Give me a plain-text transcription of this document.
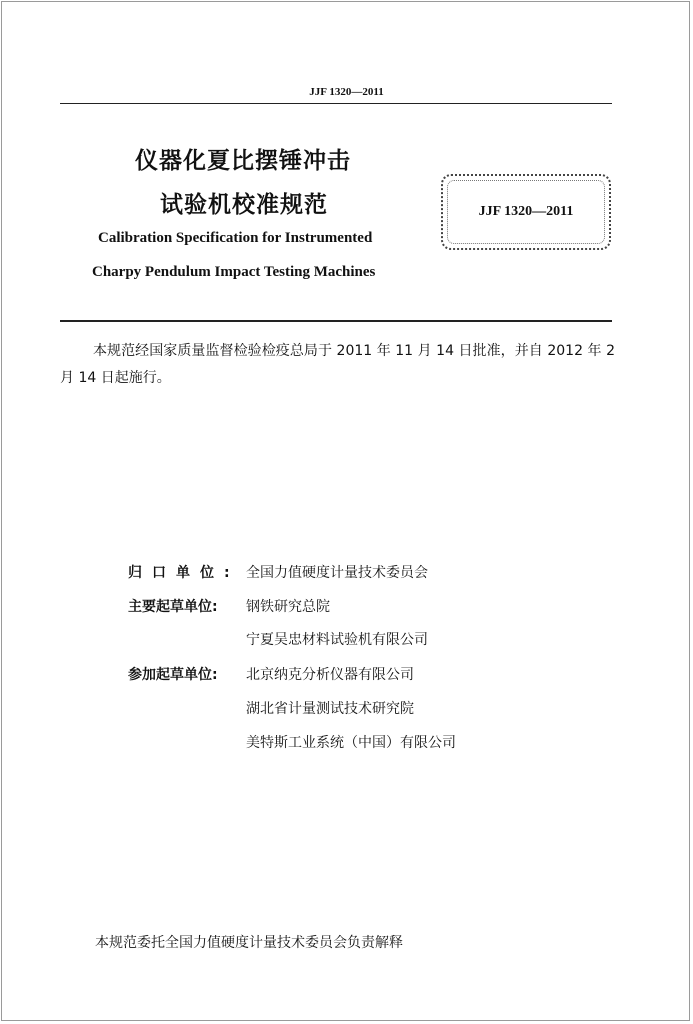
JJF 1320—2011
仪器化夏比摆锤冲击
试验机校准规范
Calibration Specification for Instrumented
Charpy Pendulum Impact Testing Machines
JJF 1320—2011
本规范经国家质量监督检验检疫总局于 2011 年 11 月 14 日批准，并自 2012 年 2 月 14 日起施行。
归口单位: 全国力值硬度计量技术委员会
主要起草单位:	钢铁研究总院
宁夏吴忠材料试验机有限公司
参加起草单位:	北京纳克分析仪器有限公司
湖北省计量测试技术研究院
美特斯工业系统（中国）有限公司
本规范委托全国力值硬度计量技术委员会负责解释
